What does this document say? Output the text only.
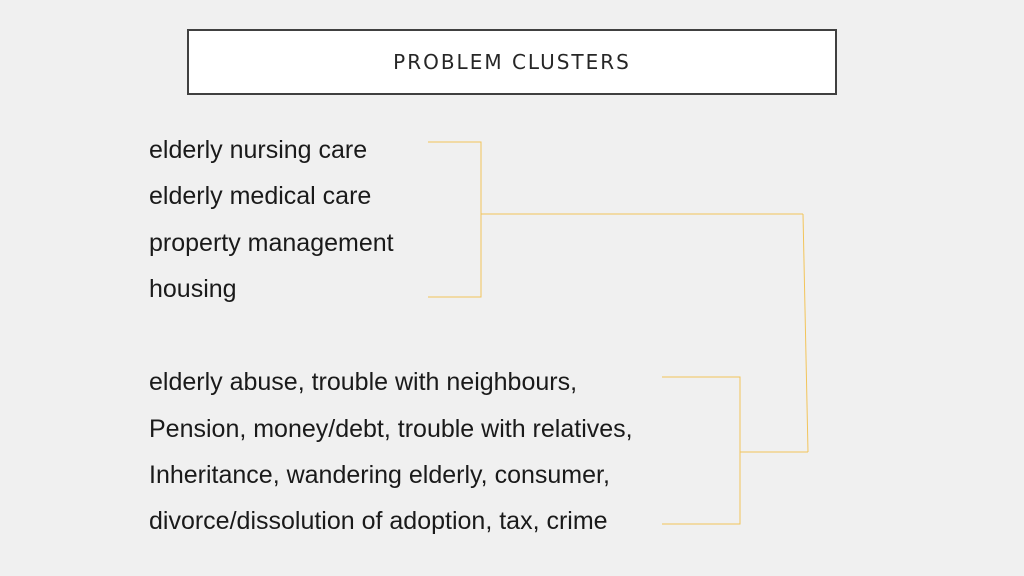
PROBLEM CLUSTERS
elderly nursing care
elderly medical care
property management
housing
elderly abuse, trouble with neighbours,
Pension, money/debt, trouble with relatives,
Inheritance, wandering elderly, consumer,
divorce/dissolution of adoption, tax, crime
